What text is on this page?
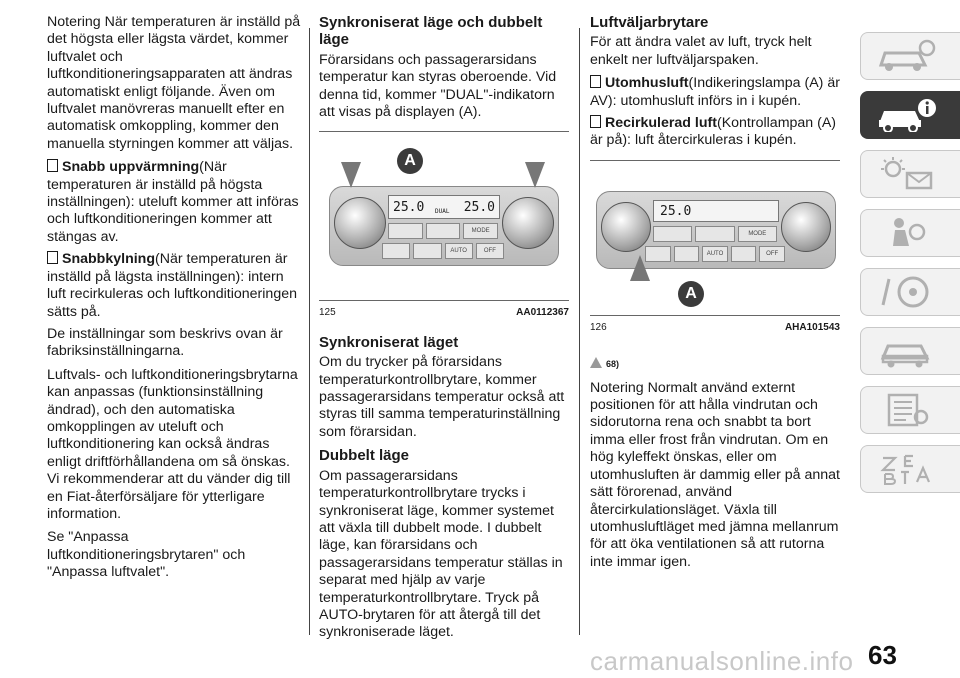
Notering När temperaturen är inställd på det högsta eller lägsta värdet, kommer luftvalet och luftkonditioneringsapparaten att ändras automatiskt enligt följande. Även om luftvalet manövreras manuellt efter en automatisk omkoppling, kommer den manuella styrningen kommer att väljas.

Snabb uppvärmning(När temperaturen är inställd på högsta inställningen): uteluft kommer att införas och luftkonditioneringen kommer att stängas av.

Snabbkylning(När temperaturen är inställd på lägsta inställningen): intern luft recirkuleras och luftkonditioneringen sätts på.

De inställningar som beskrivs ovan är fabriksinställningarna.

Luftvals- och luftkonditioneringsbrytarna kan anpassas (funktionsinställning ändrad), och den automatiska omkopplingen av uteluft och luftkonditionering kan också ändras enligt driftförhållandena om så önskas. Vi rekommenderar att du vänder dig till en Fiat-återförsäljare för ytterligare information.

Se "Anpassa luftkonditioneringsbrytaren" och "Anpassa luftvalet".

Synkroniserat läge och dubbelt läge

Förarsidans och passagerarsidans temperatur kan styras oberoende. Vid denna tid, kommer "DUAL"-indikatorn att visas på displayen (A).

25.0 DUAL 25.0
MODE
AUTO	OFF
A
125	AA0112367
Synkroniserat läget

Om du trycker på förarsidans temperaturkontrollbrytare, kommer passagerarsidans temperatur också att styras till samma temperaturinställning som förarsidan.

Dubbelt läge

Om passagerarsidans temperaturkontrollbrytare trycks i synkroniserat läge, kommer systemet att växla till dubbelt mode. I dubbelt läge, kan förarsidans och passagerarsidans temperatur ställas in separat med hjälp av varje temperaturkontrollbrytare. Tryck på AUTO-brytaren för att återgå till det synkroniserade läget.

Luftväljarbrytare

För att ändra valet av luft, tryck helt enkelt ner luftväljarspaken.

Utomhusluft(Indikeringslampa (A) är AV): utomhusluft införs in i kupén.

Recirkulerad luft(Kontrollampan (A) är på): luft återcirkuleras i kupén.

25.0
MODE
AUTO	OFF
A
126	AHA101543

68)

Notering Normalt använd externt positionen för att hålla vindrutan och sidorutorna rena och snabbt ta bort imma eller frost från vindrutan. Om en hög kyleffekt önskas, eller om utomhusluften är dammig eller på annat sätt förorenad, använd återcirkulationsläget. Växla till utomhusluftläget med jämna mellanrum för att öka ventilationen så att rutorna inte immar igen.

carmanualsonline.info 63
